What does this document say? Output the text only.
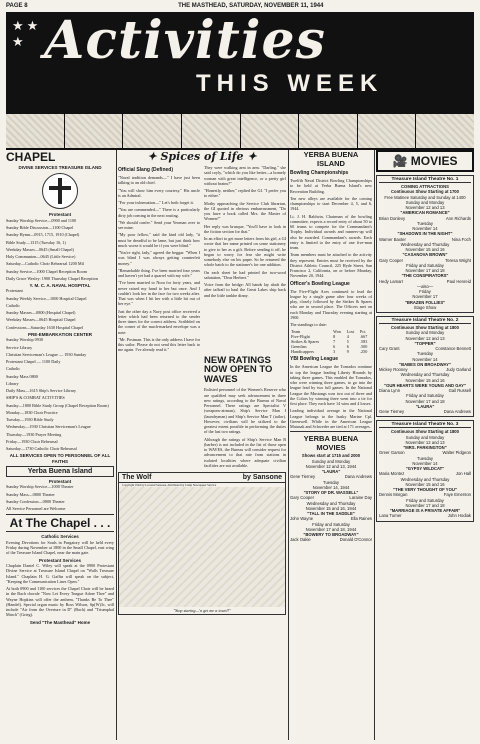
PAGE 8	THE MASTHEAD, SATURDAY, NOVEMBER 11, 1944
★★
★ Activities
THIS WEEK
CHAPEL
DIVINE SERVICES TREASURE ISLAND
Protestant

Sunday Worship Service—0900 and 1100

Sunday Bible Discussion—1100 Chapel

Sunday Hymn—0915, 1715, 1910 (Chapel)

Bible Study—1315 (Tuesday 16, 1)

Weekday Masses—0645 (Small Chapel)

Holy Communion—0645 (Little Service)

Saturday—Catholic Choir Rehearsal 1200 Mil

Sunday Service—1000 Chapel Reception Room

Daily Grace Wesley: 1900 Thursday Chapel Reception

Y. M. C. A. NAVAL HOSPITAL

Protestant

Sunday Weekly Service—1000 Hospital Chapel

Catholic

Sunday Masses—0800 (Hospital Chapel)

Weekday Masses—0645 Hospital Chapel

Confessions—Saturday 1630 Hospital Chapel

PRE-EMBARKATION CENTER

Sunday Worship 0930

Service Library

Christian Serviceman's League — 1930 Sunday

Protestant Chapel — 1100 Daily

Catholic

Sunday Mass 0800

Library

Daily Mass—1615 Ship's Service Library

SHIP'S & COMBAT ACTIVITIES

Sunday—1800 Bible Study Group (Chapel Reception Room)

Monday—1830 Choir Practice

Tuesday—1930 Bible Study

Wednesday—1930 Christian Serviceman's League

Thursday—1930 Prayer Meeting

Friday—1930 Choir Rehearsal

Saturday—1730 Catholic Choir Rehearsal

ALL SERVICES OPEN TO PERSONNEL OF ALL FAITHS
Yerba Buena Island
Protestant

Sunday Worship Service—1000 Theater

Sunday Mass—0800 Theater

Sunday Confession—0800 Theater

All Service Personnel are Welcome

At The Chapel . . .
Catholic Services

Evening Devotions for Souls in Purgatory will be held every Friday during November at 1800 in the Small Chapel, east wing of the Treasure Island Chapel, near the main gate.

Protestant Services

Chaplain Daniel C. Wiley will speak at the 0900 Protestant Divine Service at Treasure Island Chapel on "Walls Treasure Island." Chaplain H. G. Gaffin will speak on the subject, "Keeping the Communication Lines Open."

At both 0900 and 1100 services the Chapel Choir will be heard in the Bach chorale "Now Let Every Tongue Adore Thee" and Wayne Hopkins will offer the anthem, "Thanks Be To Thee" (Handel). Special organ music by Ross Wilson, Sp(W)3c, will include "Air from the Overture in D" (Bach) and "Triumphal March" (Grieg).

Send "The Masthead" Home
✦ Spices of Life ✦
Official Slang (Defined)

"Naval tradition demands—" I have just been talking to an old chief.

"You will show him every courtesy." His uncle is an Admiral.

"For your information—" Let's both forget it.

"You are commended—" There is a particularly dirty job coming in the next routing.

"We should confer." Send your Yeoman over to see mine.

"My poor fellow," said the kind old lady, "it must be dreadful to be lame, but just think how much worse it would be if you were blind."

"You're right, lady," agreed the beggar. "When I was blind I was always getting counterfeit money."

"Remarkable thing. I've been married four years and haven't yet had a quarrel with my wife."

"I've been married to Nora for forty years, and never raised my hand to her but once. And I couldn't look her in the face for two weeks after. That was when I hit her with a little bit out of her eye."

Just the other day a Navy post office received a letter which had been returned to the sender three times for the correct address. Scribbled on the corner of the much-marked envelope was a note:

"Mr. Postman. This is the only address I have for this sailor. Please do not send this letter back to me again. I've already read it."

They were walking arm in arm. "Darling," she said coyly, "which do you like better—a homely woman with great intelligence, or a pretty girl without brains?"

"Honestly, neither," replied the GI. "I prefer you to either."

Mothy approaching the Service Club librarian, the GI quoted in obvious embarrassment, "Do you have a book called Mrs. the Master of Women?"

Her reply was brusque, "You'll have to look in the fiction section for that."

In an effort to get more letters from his girl, a GI wrote that her name printed on some stationery to give to her as a gift. Before sending it off, he began to worry for fear she might write somebody else on his paper. So he returned the whole batch to the stationer's for one addition.

On each sheet he had printed the two-word salutation, "Dear Herbert."

Voice from the bridge: All hands lay abaft the after taffrail to haul the Great Lakes ship back and the little tankhe dinny.

NEW RATINGS NOW OPEN TO WAVES

Enlisted personnel of the Women's Reserve who are qualified may seek advancement in three new ratings, according to the Bureau of Naval Personnel. These ratings are Specialist V (weapons-airman), Ship's Service Man I (laundryman) and Ship's Service Man T (tailor). However, civilians will be utilized to the greatest extent possible in performing the duties of the last two ratings.

Although the ratings of Ship's Service Man B (barber) is not included in the list of those open to WAVES, the Bureau will consider request for advancement to that rate from stations in isolated localities where adequate civilian facilities are not available.

The Wolf	by Sansone
Copyright 1944 by Leonard Sansone, distributed by Camp Newspaper Service
"Stop staring—'n get me a towel!"
YERBA BUENA ISLAND
Bowling Championships

Twelfth Naval District Bowling Championships to be held at Yerba Buena Island's new Recreation Building.

Ten new alleys are available for the coming championships to start December 4, 5, and 6, 1944.

Lt. J. H. Baldwin, Chairman of the bowling committee, expects a record entry of about 50 to 60 teams to compete for the Commandant's Trophy. Individual awards and runners-up will also be awarded. Commandant's awards. Each entry is limited to the entry of one five-man team.

Team members must be attached to the activity they represent. Entries must be received by the District Athletic Council, 225 Hyde Street, San Francisco 2, California, on or before Monday, November 20, 1944.

Officer's Bowling League

The Five-Flight Aces continued to lead the league by a single game after four weeks of play, closely followed by the Strikes & Spares who are in second place. The Officers met on each Monday and Thursday evening starting at 1900.

The standings to date:

Team	Won	Lost	Pct.
Five-Flight	8	4	.667
Strikes & Spares	7	5	.583
Gremlins	6	6	.500
Handicappers	3	9	.250
YBI Bowling League

In the American League the Tornados continue to top the league leading Liberty Hounds by taking three games. This enabled the Tornados, who were winning three games, to go into the league lead by two full games. In the National League the Mustangs won two out of three and the Colors by winning three went into a tie for first place. They each have 14 wins and 4 losses.

Leading individual average in the National League belongs to the husky Marine Cpl. Greenwell. While in the American League Matusak and Schweder are tied at 171 averages.

YERBA BUENA MOVIES
Shows start at 1715 and 2000
Sunday and Monday
November 12 and 13, 1944
"LAURA"
Gene Tierney	Dana Andrews
Tuesday
November 14, 1944
"STORY OF DR. WASSELL"
Gary Cooper	Laraine Day
Wednesday and Thursday
November 15 and 16, 1944
"TALL IN THE SADDLE"
John Wayne	Ella Raines
Friday and Saturday
November 17 and 18, 1944
"BOWERY TO BROADWAY"
Jack Oakie	Donald O'Connor
🎥 MOVIES
Treasure Island Theatre No. 1
COMING ATTRACTIONS
Continuous Show Starting at 1700
Free Matinee Saturday and Sunday at 1400
Sunday and Monday
November 12 and 13
"AMERICAN ROMANCE"
Brian Donlevy	Ann Richards
Tuesday
November 14
"SHADOWS IN THE NIGHT"
Warner Baxter	Nina Foch
Wednesday and Thursday
November 15 and 16
"CASANOVA BROWN"
Gary Cooper	Teresa Wright
Friday and Saturday
November 17 and 18
"THE CONSPIRATORS"
Hedy Lamarr	Paul Henreid
—also—
Friday
November 17
"BRAZEN FOLLIES"
Stage Show
Treasure Island Theatre No. 2
Continuous Show Starting at 1800
Sunday and Monday
November 12 and 13
"TOPPER"
Cary Grant	Constance Bennett
Tuesday
November 14
"BABES ON BROADWAY"
Mickey Rooney	Judy Garland
Wednesday and Thursday
November 15 and 16
"OUR HEARTS WERE YOUNG AND GAY"
Diana Lynn	Gail Russell
Friday and Saturday
November 17 and 18
"LAURA"
Gene Tierney	Dana Andrews
Treasure Island Theatre No. 3
Continuous Show Starting at 1800
Sunday and Monday
November 12 and 13
"MRS. PARKINGTON"
Greer Garson	Walter Pidgeon
Tuesday
November 14
"GYPSY WILDCAT"
Maria Montez	Jon Hall
Wednesday and Thursday
November 15 and 16
"THE VERY THOUGHT OF YOU"
Dennis Morgan	Faye Emerson
Friday and Saturday
November 17 and 18
"MARRIAGE IS A PRIVATE AFFAIR"
Lana Turner	John Hodiak
